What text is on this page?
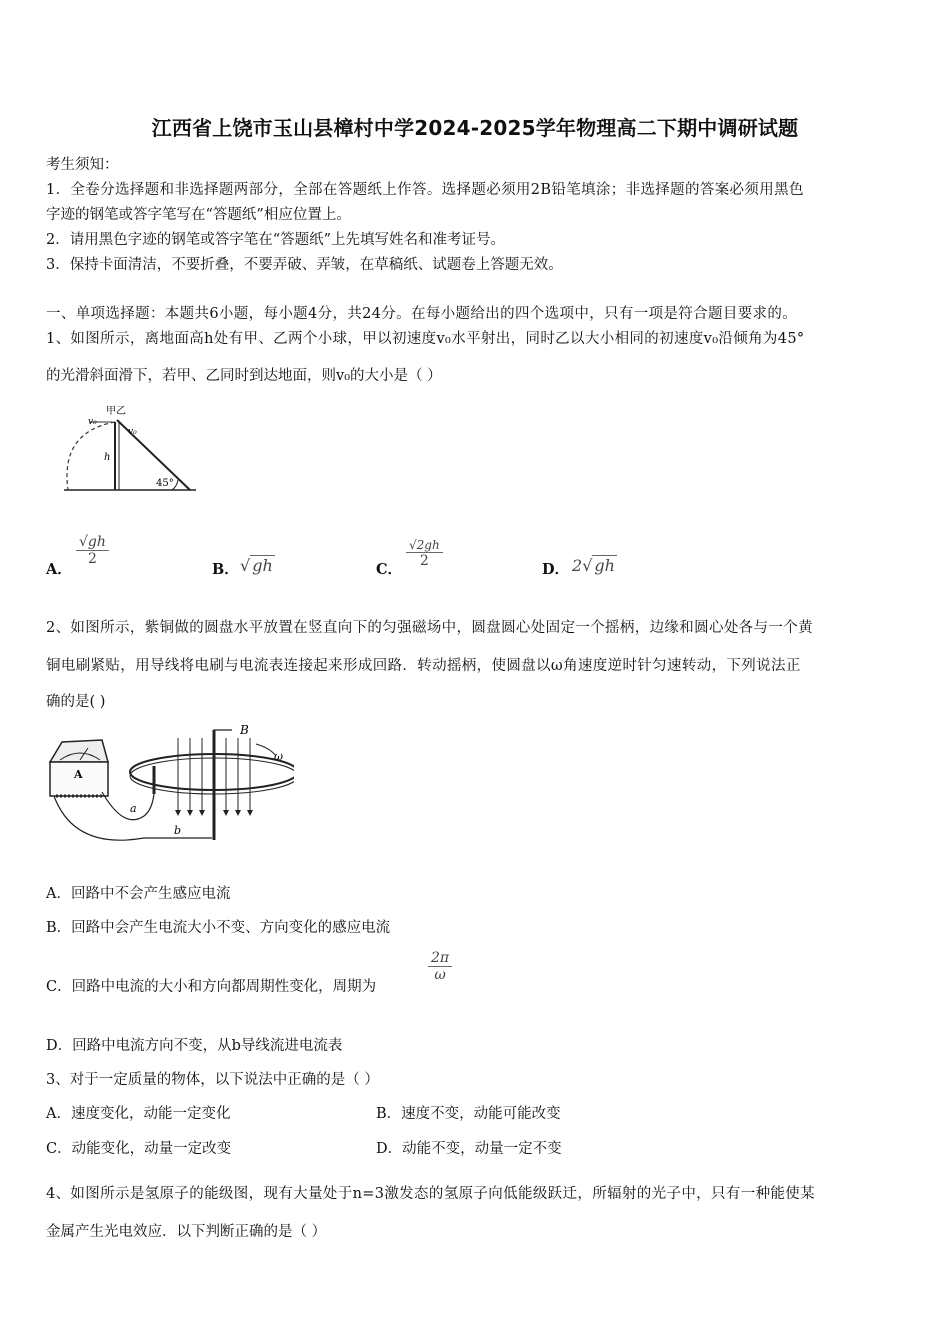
江西省上饶市玉山县樟村中学2024-2025学年物理高二下期中调研试题
考生须知：
1．全卷分选择题和非选择题两部分，全部在答题纸上作答。选择题必须用2B铅笔填涂；非选择题的答案必须用黑色
字迹的钢笔或答字笔写在“答题纸”相应位置上。
2．请用黑色字迹的钢笔或答字笔在“答题纸”上先填写姓名和准考证号。
3．保持卡面清洁，不要折叠，不要弄破、弄皱，在草稿纸、试题卷上答题无效。
一、单项选择题：本题共6小题，每小题4分，共24分。在每小题给出的四个选项中，只有一项是符合题目要求的。
1、如图所示，离地面高h处有甲、乙两个小球，甲以初速度v₀水平射出，同时乙以大小相同的初速度v₀沿倾角为45°
的光滑斜面滑下，若甲、乙同时到达地面，则v₀的大小是（ ）
甲乙
v₀
v₀
h
45°
A．
$\frac{√gh}{2}$
B． √ gh	C．
$\frac{√2gh}{2}$
D． 2√ gh
2、如图所示，紫铜做的圆盘水平放置在竖直向下的匀强磁场中，圆盘圆心处固定一个摇柄，边缘和圆心处各与一个黄
铜电刷紧贴，用导线将电刷与电流表连接起来形成回路．转动摇柄，使圆盘以ω角速度逆时针匀速转动，下列说法正
确的是( )
A
B
ω
a
b
A．回路中不会产生感应电流
B．回路中会产生电流大小不变、方向变化的感应电流
C．回路中电流的大小和方向都周期性变化，周期为
$\frac{2\pi}{\omega}$
D．回路中电流方向不变，从b导线流进电流表
3、对于一定质量的物体，以下说法中正确的是（ ）
A．速度变化，动能一定变化	B．速度不变，动能可能改变
C．动能变化，动量一定改变	D．动能不变，动量一定不变
4、如图所示是氢原子的能级图，现有大量处于n=3激发态的氢原子向低能级跃迁，所辐射的光子中，只有一种能使某
金属产生光电效应．以下判断正确的是（ ）
